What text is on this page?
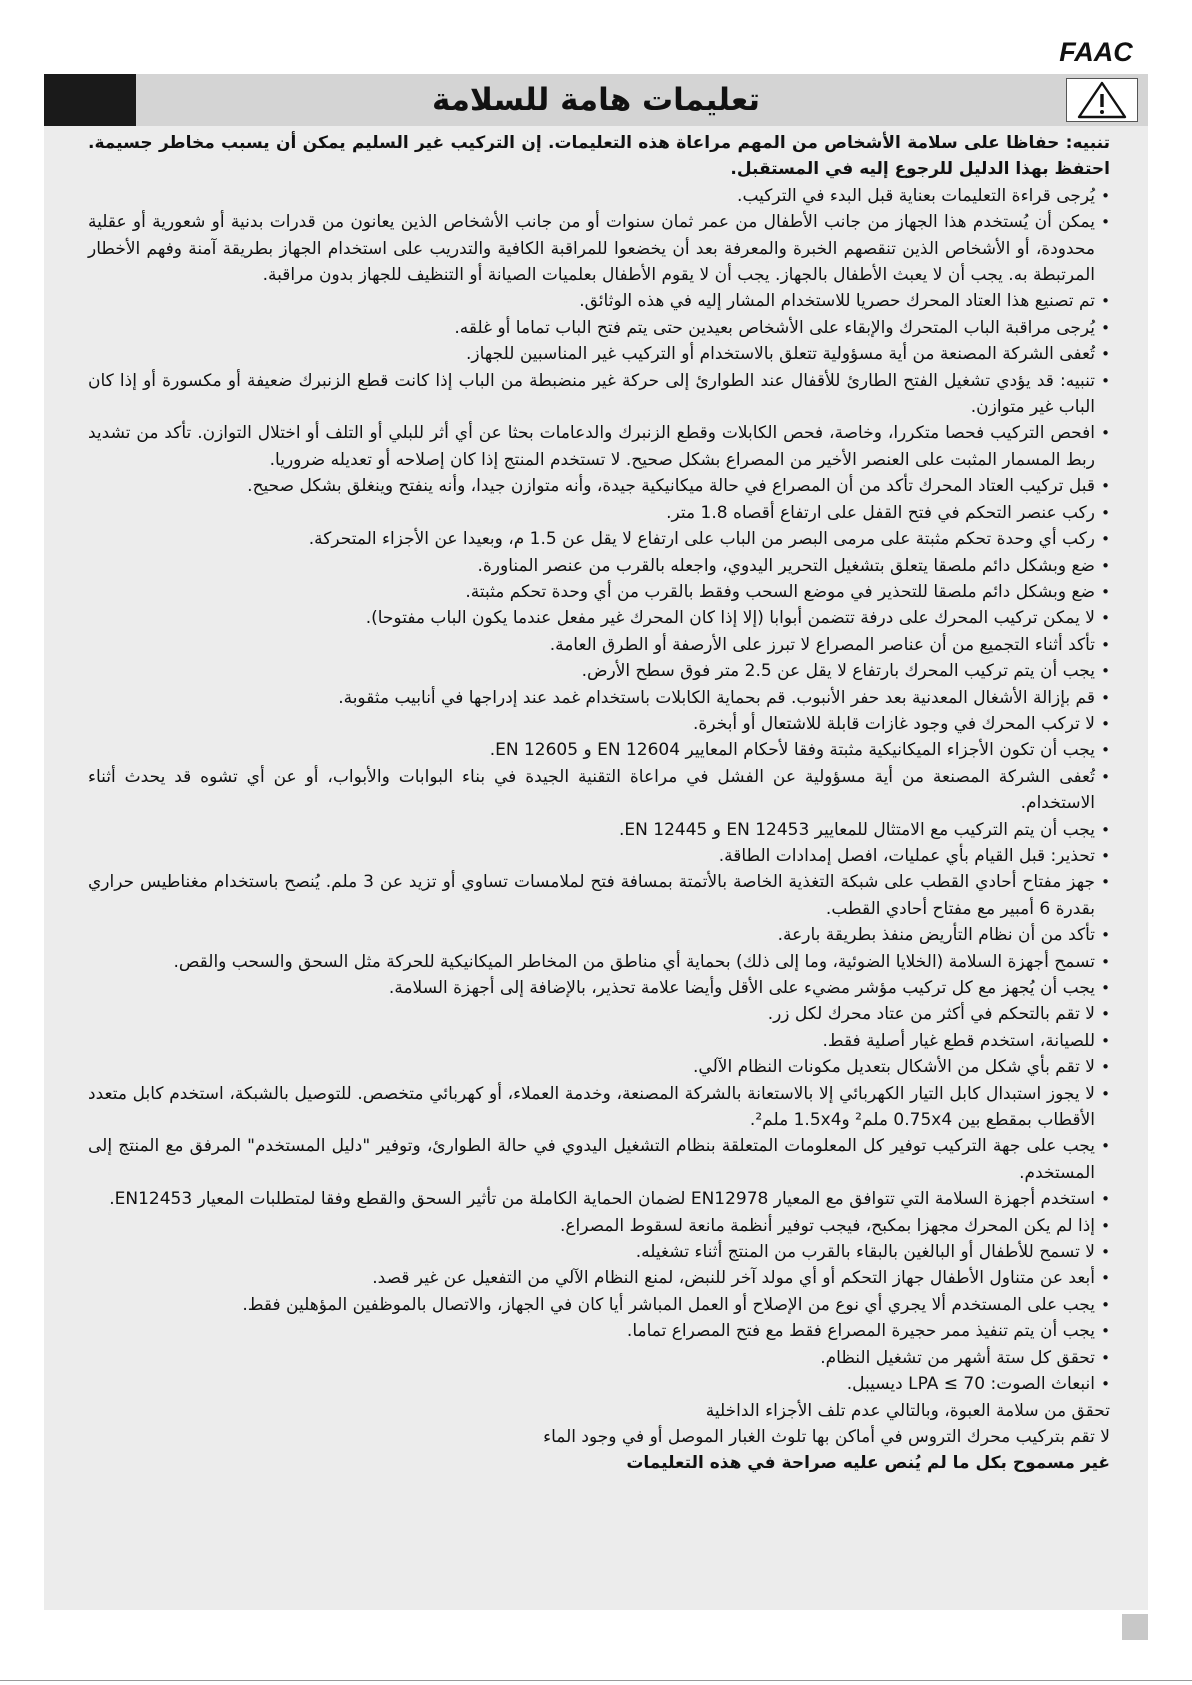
FAAC
تعليمات هامة للسلامة

تنبيه: حفاظا على سلامة الأشخاص من المهم مراعاة هذه التعليمات. إن التركيب غير السليم يمكن أن يسبب مخاطر جسيمة. احتفظ بهذا الدليل للرجوع إليه في المستقبل.

• يُرجى قراءة التعليمات بعناية قبل البدء في التركيب.
• يمكن أن يُستخدم هذا الجهاز من جانب الأطفال من عمر ثمان سنوات أو من جانب الأشخاص الذين يعانون من قدرات بدنية أو شعورية أو عقلية محدودة، أو الأشخاص الذين تنقصهم الخبرة والمعرفة بعد أن يخضعوا للمراقبة الكافية والتدريب على استخدام الجهاز بطريقة آمنة وفهم الأخطار المرتبطة به. يجب أن لا يعبث الأطفال بالجهاز. يجب أن لا يقوم الأطفال بعلميات الصيانة أو التنظيف للجهاز بدون مراقبة.
• تم تصنيع هذا العتاد المحرك حصريا للاستخدام المشار إليه في هذه الوثائق.
• يُرجى مراقبة الباب المتحرك والإبقاء على الأشخاص بعيدين حتى يتم فتح الباب تماما أو غلقه.
• تُعفى الشركة المصنعة من أية مسؤولية تتعلق بالاستخدام أو التركيب غير المناسبين للجهاز.
• تنبيه: قد يؤدي تشغيل الفتح الطارئ للأقفال عند الطوارئ إلى حركة غير منضبطة من الباب إذا كانت قطع الزنبرك ضعيفة أو مكسورة أو إذا كان الباب غير متوازن.
• افحص التركيب فحصا متكررا، وخاصة، فحص الكابلات وقطع الزنبرك والدعامات بحثا عن أي أثر للبلي أو التلف أو اختلال التوازن. تأكد من تشديد ربط المسمار المثبت على العنصر الأخير من المصراع بشكل صحيح. لا تستخدم المنتج إذا كان إصلاحه أو تعديله ضروريا.
• قبل تركيب العتاد المحرك تأكد من أن المصراع في حالة ميكانيكية جيدة، وأنه متوازن جيدا، وأنه ينفتح وينغلق بشكل صحيح.
• ركب عنصر التحكم في فتح القفل على ارتفاع أقصاه 1.8 متر.
• ركب أي وحدة تحكم مثبتة على مرمى البصر من الباب على ارتفاع لا يقل عن 1.5 م، وبعيدا عن الأجزاء المتحركة.
• ضع وبشكل دائم ملصقا يتعلق بتشغيل التحرير اليدوي، واجعله بالقرب من عنصر المناورة.
• ضع وبشكل دائم ملصقا للتحذير في موضع السحب وفقط بالقرب من أي وحدة تحكم مثبتة.
• لا يمكن تركيب المحرك على درفة تتضمن أبوابا (إلا إذا كان المحرك غير مفعل عندما يكون الباب مفتوحا).
• تأكد أثناء التجميع من أن عناصر المصراع لا تبرز على الأرصفة أو الطرق العامة.
• يجب أن يتم تركيب المحرك بارتفاع لا يقل عن 2.5 متر فوق سطح الأرض.
• قم بإزالة الأشغال المعدنية بعد حفر الأنبوب. قم بحماية الكابلات باستخدام غمد عند إدراجها في أنابيب مثقوبة.
• لا تركب المحرك في وجود غازات قابلة للاشتعال أو أبخرة.
• يجب أن تكون الأجزاء الميكانيكية مثبتة وفقا لأحكام المعايير EN 12604 و EN 12605.
• تُعفى الشركة المصنعة من أية مسؤولية عن الفشل في مراعاة التقنية الجيدة في بناء البوابات والأبواب، أو عن أي تشوه قد يحدث أثناء الاستخدام.
• يجب أن يتم التركيب مع الامتثال للمعايير EN 12453 و EN 12445.
• تحذير: قبل القيام بأي عمليات، افصل إمدادات الطاقة.
• جهز مفتاح أحادي القطب على شبكة التغذية الخاصة بالأتمتة بمسافة فتح لملامسات تساوي أو تزيد عن 3 ملم. يُنصح باستخدام مغناطيس حراري بقدرة 6 أمبير مع مفتاح أحادي القطب.
• تأكد من أن نظام التأريض منفذ بطريقة بارعة.
• تسمح أجهزة السلامة (الخلايا الضوئية، وما إلى ذلك) بحماية أي مناطق من المخاطر الميكانيكية للحركة مثل السحق والسحب والقص.
• يجب أن يُجهز مع كل تركيب مؤشر مضيء على الأقل وأيضا علامة تحذير، بالإضافة إلى أجهزة السلامة.
• لا تقم بالتحكم في أكثر من عتاد محرك لكل زر.
• للصيانة، استخدم قطع غيار أصلية فقط.
• لا تقم بأي شكل من الأشكال بتعديل مكونات النظام الآلي.
• لا يجوز استبدال كابل التيار الكهربائي إلا بالاستعانة بالشركة المصنعة، وخدمة العملاء، أو كهربائي متخصص. للتوصيل بالشبكة، استخدم كابل متعدد الأقطاب بمقطع بين 0.75x4 ملم² و1.5x4 ملم².
• يجب على جهة التركيب توفير كل المعلومات المتعلقة بنظام التشغيل اليدوي في حالة الطوارئ، وتوفير "دليل المستخدم" المرفق مع المنتج إلى المستخدم.
• استخدم أجهزة السلامة التي تتوافق مع المعيار EN12978 لضمان الحماية الكاملة من تأثير السحق والقطع وفقا لمتطلبات المعيار EN12453.
• إذا لم يكن المحرك مجهزا بمكبح، فيجب توفير أنظمة مانعة لسقوط المصراع.
• لا تسمح للأطفال أو البالغين بالبقاء بالقرب من المنتج أثناء تشغيله.
• أبعد عن متناول الأطفال جهاز التحكم أو أي مولد آخر للنبض، لمنع النظام الآلي من التفعيل عن غير قصد.
• يجب على المستخدم ألا يجري أي نوع من الإصلاح أو العمل المباشر أيا كان في الجهاز، والاتصال بالموظفين المؤهلين فقط.
• يجب أن يتم تنفيذ ممر حجيرة المصراع فقط مع فتح المصراع تماما.
• تحقق كل ستة أشهر من تشغيل النظام.
• انبعاث الصوت: LPA ≤ 70 ديسيبل.

تحقق من سلامة العبوة، وبالتالي عدم تلف الأجزاء الداخلية

لا تقم بتركيب محرك التروس في أماكن بها تلوث الغبار الموصل أو في وجود الماء

غير مسموح بكل ما لم يُنص عليه صراحة في هذه التعليمات
